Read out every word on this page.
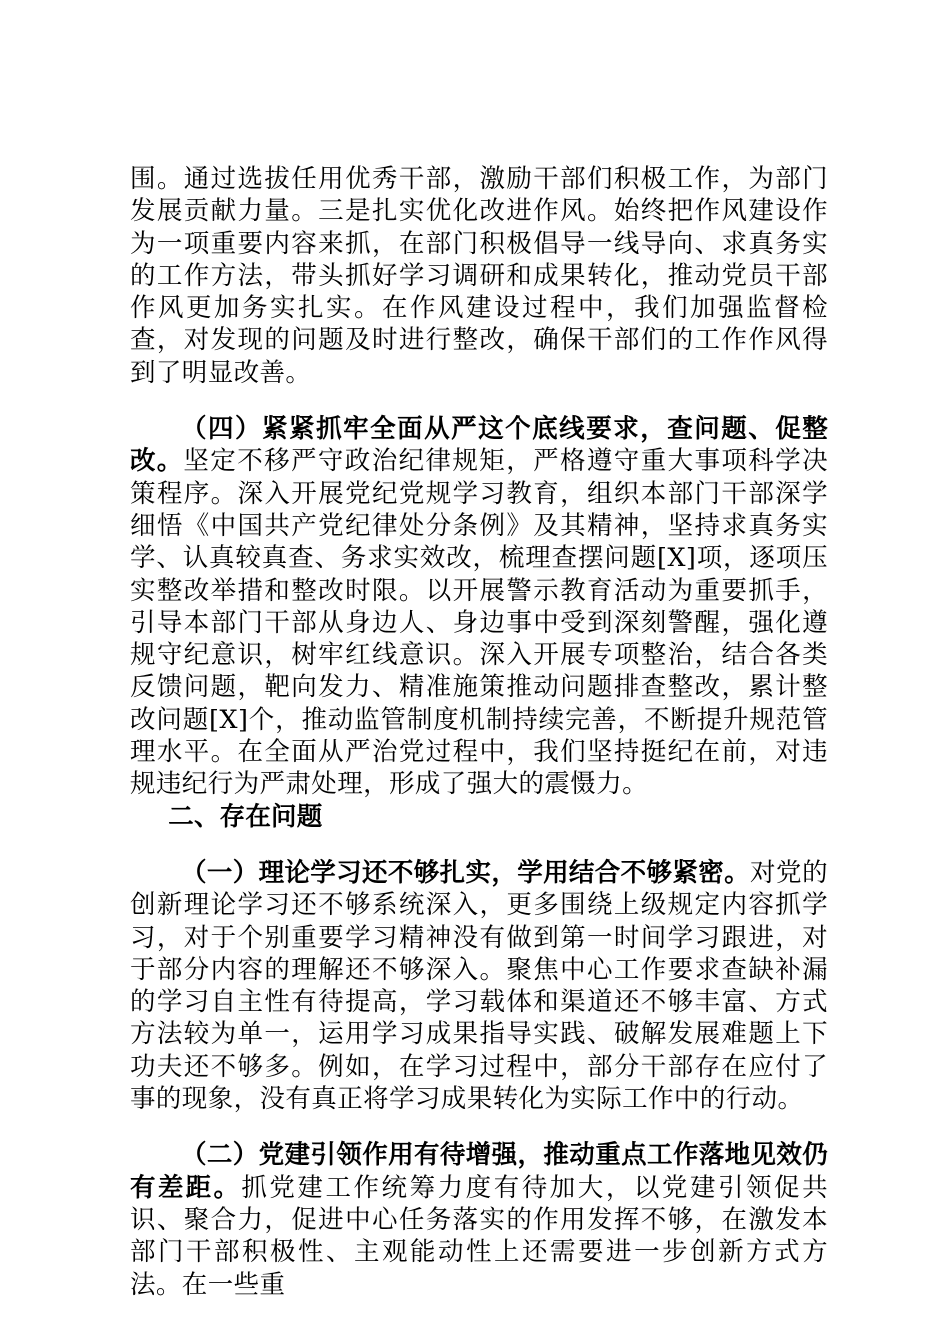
围。通过选拔任用优秀干部，激励干部们积极工作，为部门发展贡献力量。三是扎实优化改进作风。始终把作风建设作为一项重要内容来抓，在部门积极倡导一线导向、求真务实的工作方法，带头抓好学习调研和成果转化，推动党员干部作风更加务实扎实。在作风建设过程中，我们加强监督检查，对发现的问题及时进行整改，确保干部们的工作作风得到了明显改善。

（四）紧紧抓牢全面从严这个底线要求，查问题、促整改。坚定不移严守政治纪律规矩，严格遵守重大事项科学决策程序。深入开展党纪党规学习教育，组织本部门干部深学细悟《中国共产党纪律处分条例》及其精神，坚持求真务实学、认真较真查、务求实效改，梳理查摆问题[X]项，逐项压实整改举措和整改时限。以开展警示教育活动为重要抓手，引导本部门干部从身边人、身边事中受到深刻警醒，强化遵规守纪意识，树牢红线意识。深入开展专项整治，结合各类反馈问题，靶向发力、精准施策推动问题排查整改，累计整改问题[X]个，推动监管制度机制持续完善，不断提升规范管理水平。在全面从严治党过程中，我们坚持挺纪在前，对违规违纪行为严肃处理，形成了强大的震慑力。

二、存在问题

（一）理论学习还不够扎实，学用结合不够紧密。对党的创新理论学习还不够系统深入，更多围绕上级规定内容抓学习，对于个别重要学习精神没有做到第一时间学习跟进，对于部分内容的理解还不够深入。聚焦中心工作要求查缺补漏的学习自主性有待提高，学习载体和渠道还不够丰富、方式方法较为单一，运用学习成果指导实践、破解发展难题上下功夫还不够多。例如，在学习过程中，部分干部存在应付了事的现象，没有真正将学习成果转化为实际工作中的行动。

（二）党建引领作用有待增强，推动重点工作落地见效仍有差距。抓党建工作统筹力度有待加大，以党建引领促共识、聚合力，促进中心任务落实的作用发挥不够，在激发本部门干部积极性、主观能动性上还需要进一步创新方式方法。在一些重
